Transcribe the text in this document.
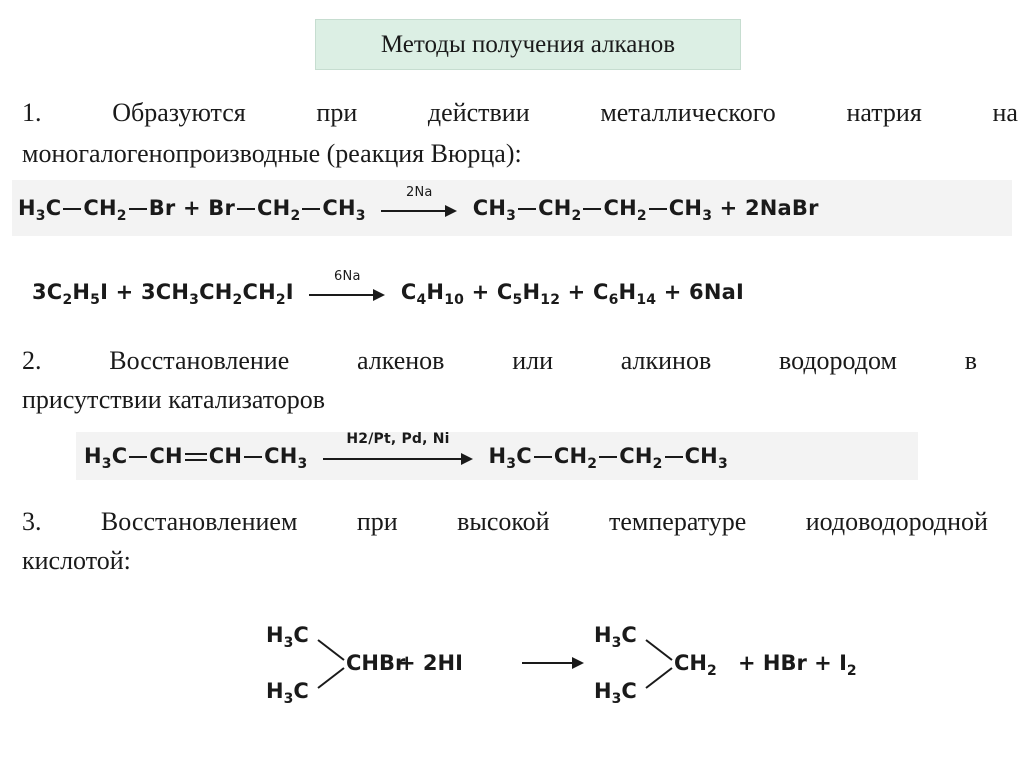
Методы получения алканов
1.	Образуются	при	действии	металлического	натрия	на
моногалогенопроизводные (реакция Вюрца):
$H_3C$ $CH_2$ Br + Br $CH_2$ $CH_3$
2Na
$CH_3$ $CH_2$ $CH_2$ $CH_3$ + 2NaBr
$3C_2H_5I + 3CH_3CH_2CH_2I$
6Na
$C_4H_{10} + C_5H_{12} + C_6H_{14} + 6NaI$
2.	Восстановление	алкенов	или	алкинов	водородом	в
присутствии катализаторов
$H_3C$ CH CH $CH_3$
H2/Pt, Pd, Ni
$H_3C$ $CH_2$ $CH_2$ $CH_3$
3. Восстановлением при высокой температуре иодоводородной
кислотой:
$H_3C$
$H_3C$
CHBr
+ 2HI
$H_3C$
$H_3C$
$CH_2$ + HBr + $I_2$
